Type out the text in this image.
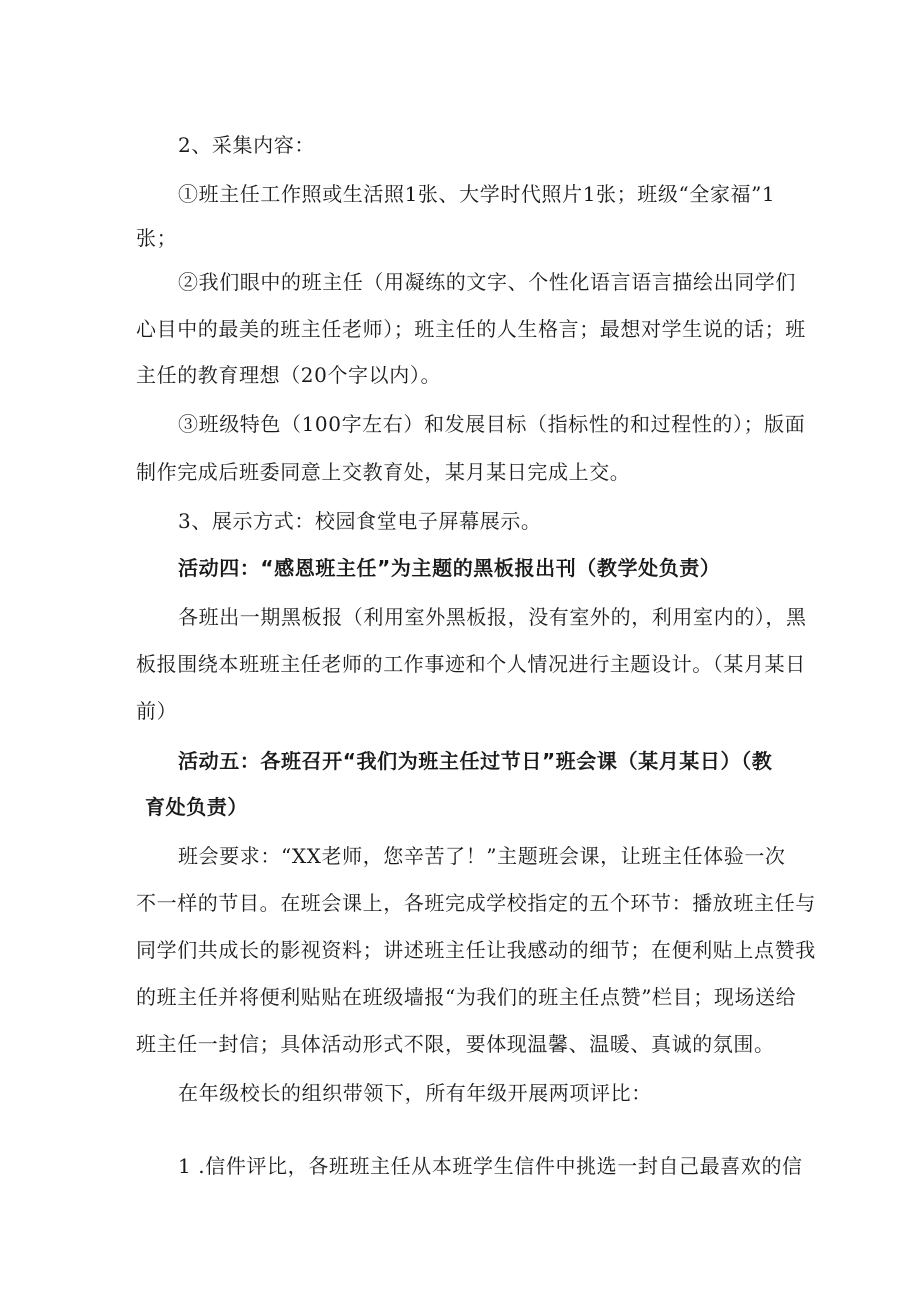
2、采集内容：
①班主任工作照或生活照1张、大学时代照片1张；班级“全家福”1
张；
②我们眼中的班主任（用凝练的文字、个性化语言语言描绘出同学们
心目中的最美的班主任老师）；班主任的人生格言；最想对学生说的话；班
主任的教育理想（20个字以内）。
③班级特色（100字左右）和发展目标（指标性的和过程性的）；版面
制作完成后班委同意上交教育处，某月某日完成上交。
3、展示方式：校园食堂电子屏幕展示。
活动四：“感恩班主任”为主题的黑板报出刊（教学处负责）
各班出一期黑板报（利用室外黑板报，没有室外的，利用室内的），黑
板报围绕本班班主任老师的工作事迹和个人情况进行主题设计。（某月某日
前）
活动五：各班召开“我们为班主任过节日”班会课（某月某日）（教
育处负责）
班会要求：“XX老师，您辛苦了！”主题班会课，让班主任体验一次
不一样的节目。在班会课上，各班完成学校指定的五个环节：播放班主任与
同学们共成长的影视资料；讲述班主任让我感动的细节；在便利贴上点赞我
的班主任并将便利贴贴在班级墙报“为我们的班主任点赞”栏目；现场送给
班主任一封信；具体活动形式不限，要体现温馨、温暖、真诚的氛围。
在年级校长的组织带领下，所有年级开展两项评比：
1 .信件评比，各班班主任从本班学生信件中挑选一封自己最喜欢的信
